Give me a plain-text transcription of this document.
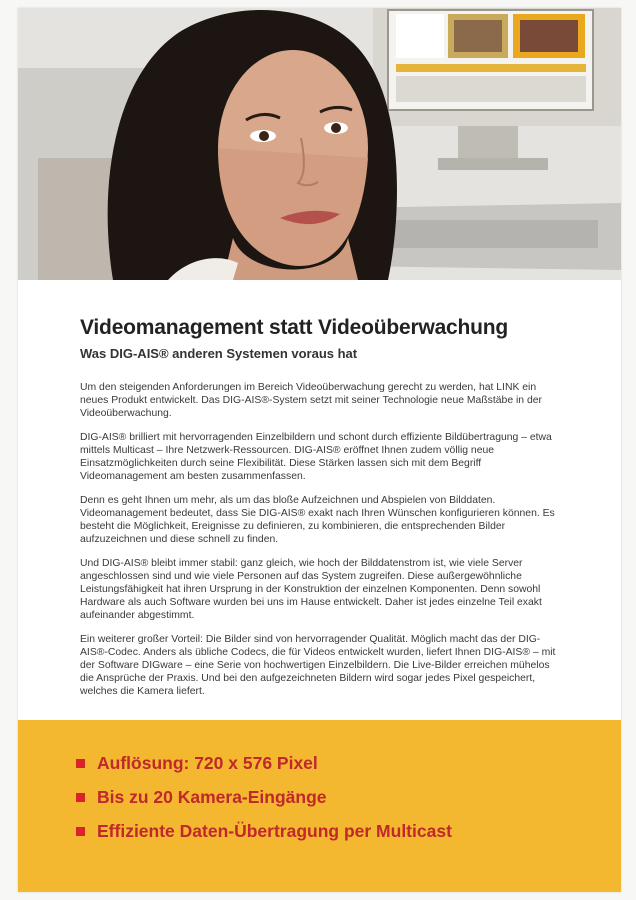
Videomanagement statt Videoüberwachung
Was DIG-AIS® anderen Systemen voraus hat

Um den steigenden Anforderungen im Bereich Videoüberwachung gerecht zu werden, hat LINK ein neues Produkt entwickelt. Das DIG-AIS®-System setzt mit seiner Technologie neue Maßstäbe in der Videoüberwachung.

DIG-AIS® brilliert mit hervorragenden Einzelbildern und schont durch effiziente Bildübertragung – etwa mittels Multicast – Ihre Netzwerk-Ressourcen. DIG-AIS® eröffnet Ihnen zudem völlig neue Einsatzmöglichkeiten durch seine Flexibilität. Diese Stärken lassen sich mit dem Begriff Videomanagement am besten zusammenfassen.

Denn es geht Ihnen um mehr, als um das bloße Aufzeichnen und Abspielen von Bilddaten. Videomanagement bedeutet, dass Sie DIG-AIS® exakt nach Ihren Wünschen konfigurieren können. Es besteht die Möglichkeit, Ereignisse zu definieren, zu kombinieren, die entsprechenden Bilder aufzuzeichnen und diese schnell zu finden.

Und DIG-AIS® bleibt immer stabil: ganz gleich, wie hoch der Bilddatenstrom ist, wie viele Server angeschlossen sind und wie viele Personen auf das System zugreifen. Diese außergewöhnliche Leistungsfähigkeit hat ihren Ursprung in der Konstruktion der einzelnen Komponenten. Denn sowohl Hardware als auch Software wurden bei uns im Hause entwickelt. Daher ist jedes einzelne Teil exakt aufeinander abgestimmt.

Ein weiterer großer Vorteil: Die Bilder sind von hervorragender Qualität. Möglich macht das der DIG-AIS®-Codec. Anders als übliche Codecs, die für Videos entwickelt wurden, liefert Ihnen DIG-AIS® – mit der Software DIGware – eine Serie von hochwertigen Einzelbildern. Die Live-Bilder erreichen mühelos die Ansprüche der Praxis. Und bei den aufgezeichneten Bildern wird sogar jedes Pixel gespeichert, welches die Kamera liefert.

Auflösung: 720 x 576 Pixel
Bis zu 20 Kamera-Eingänge
Effiziente Daten-Übertragung per Multicast
